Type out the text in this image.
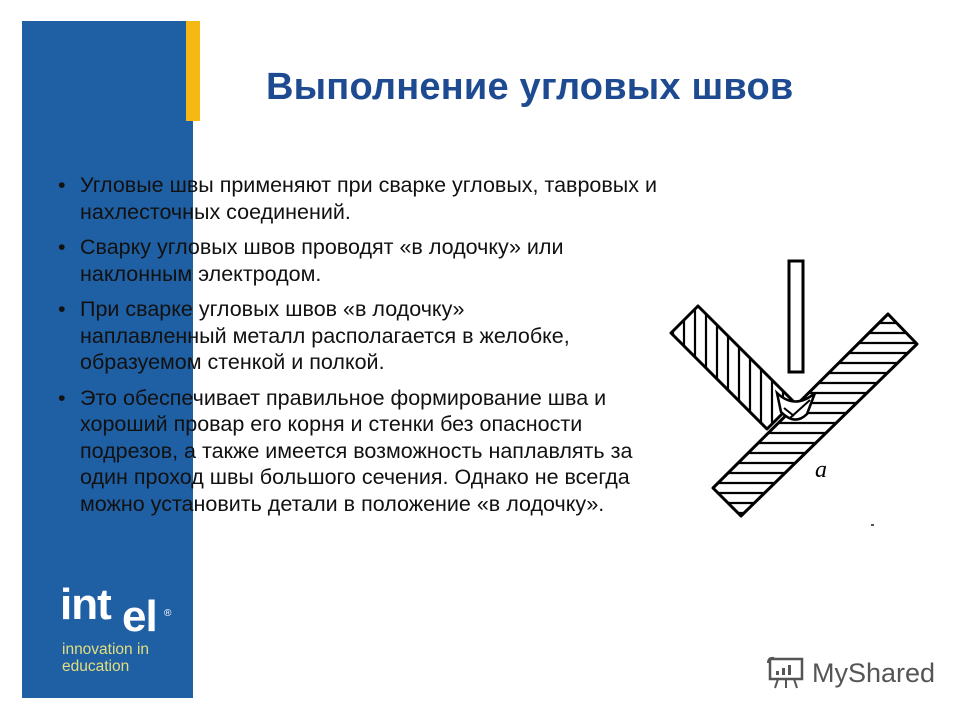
Выполнение угловых швов
• Угловые швы применяют при сварке угловых, тавровых и нахлесточных соединений.
• Сварку угловых швов проводят «в лодочку» или наклонным электродом.
• При сварке угловых швов «в лодочку» наплавленный металл располагается в желобке, образуемом стенкой и полкой.
• Это обеспечивает правильное формирование шва и хороший провар его корня и стенки без опасности подрезов, а также имеется возможность наплавлять за один проход швы большого сечения. Однако не всегда можно установить детали в положение «в лодочку».
int el ®
innovation in
education
a
MyShared
